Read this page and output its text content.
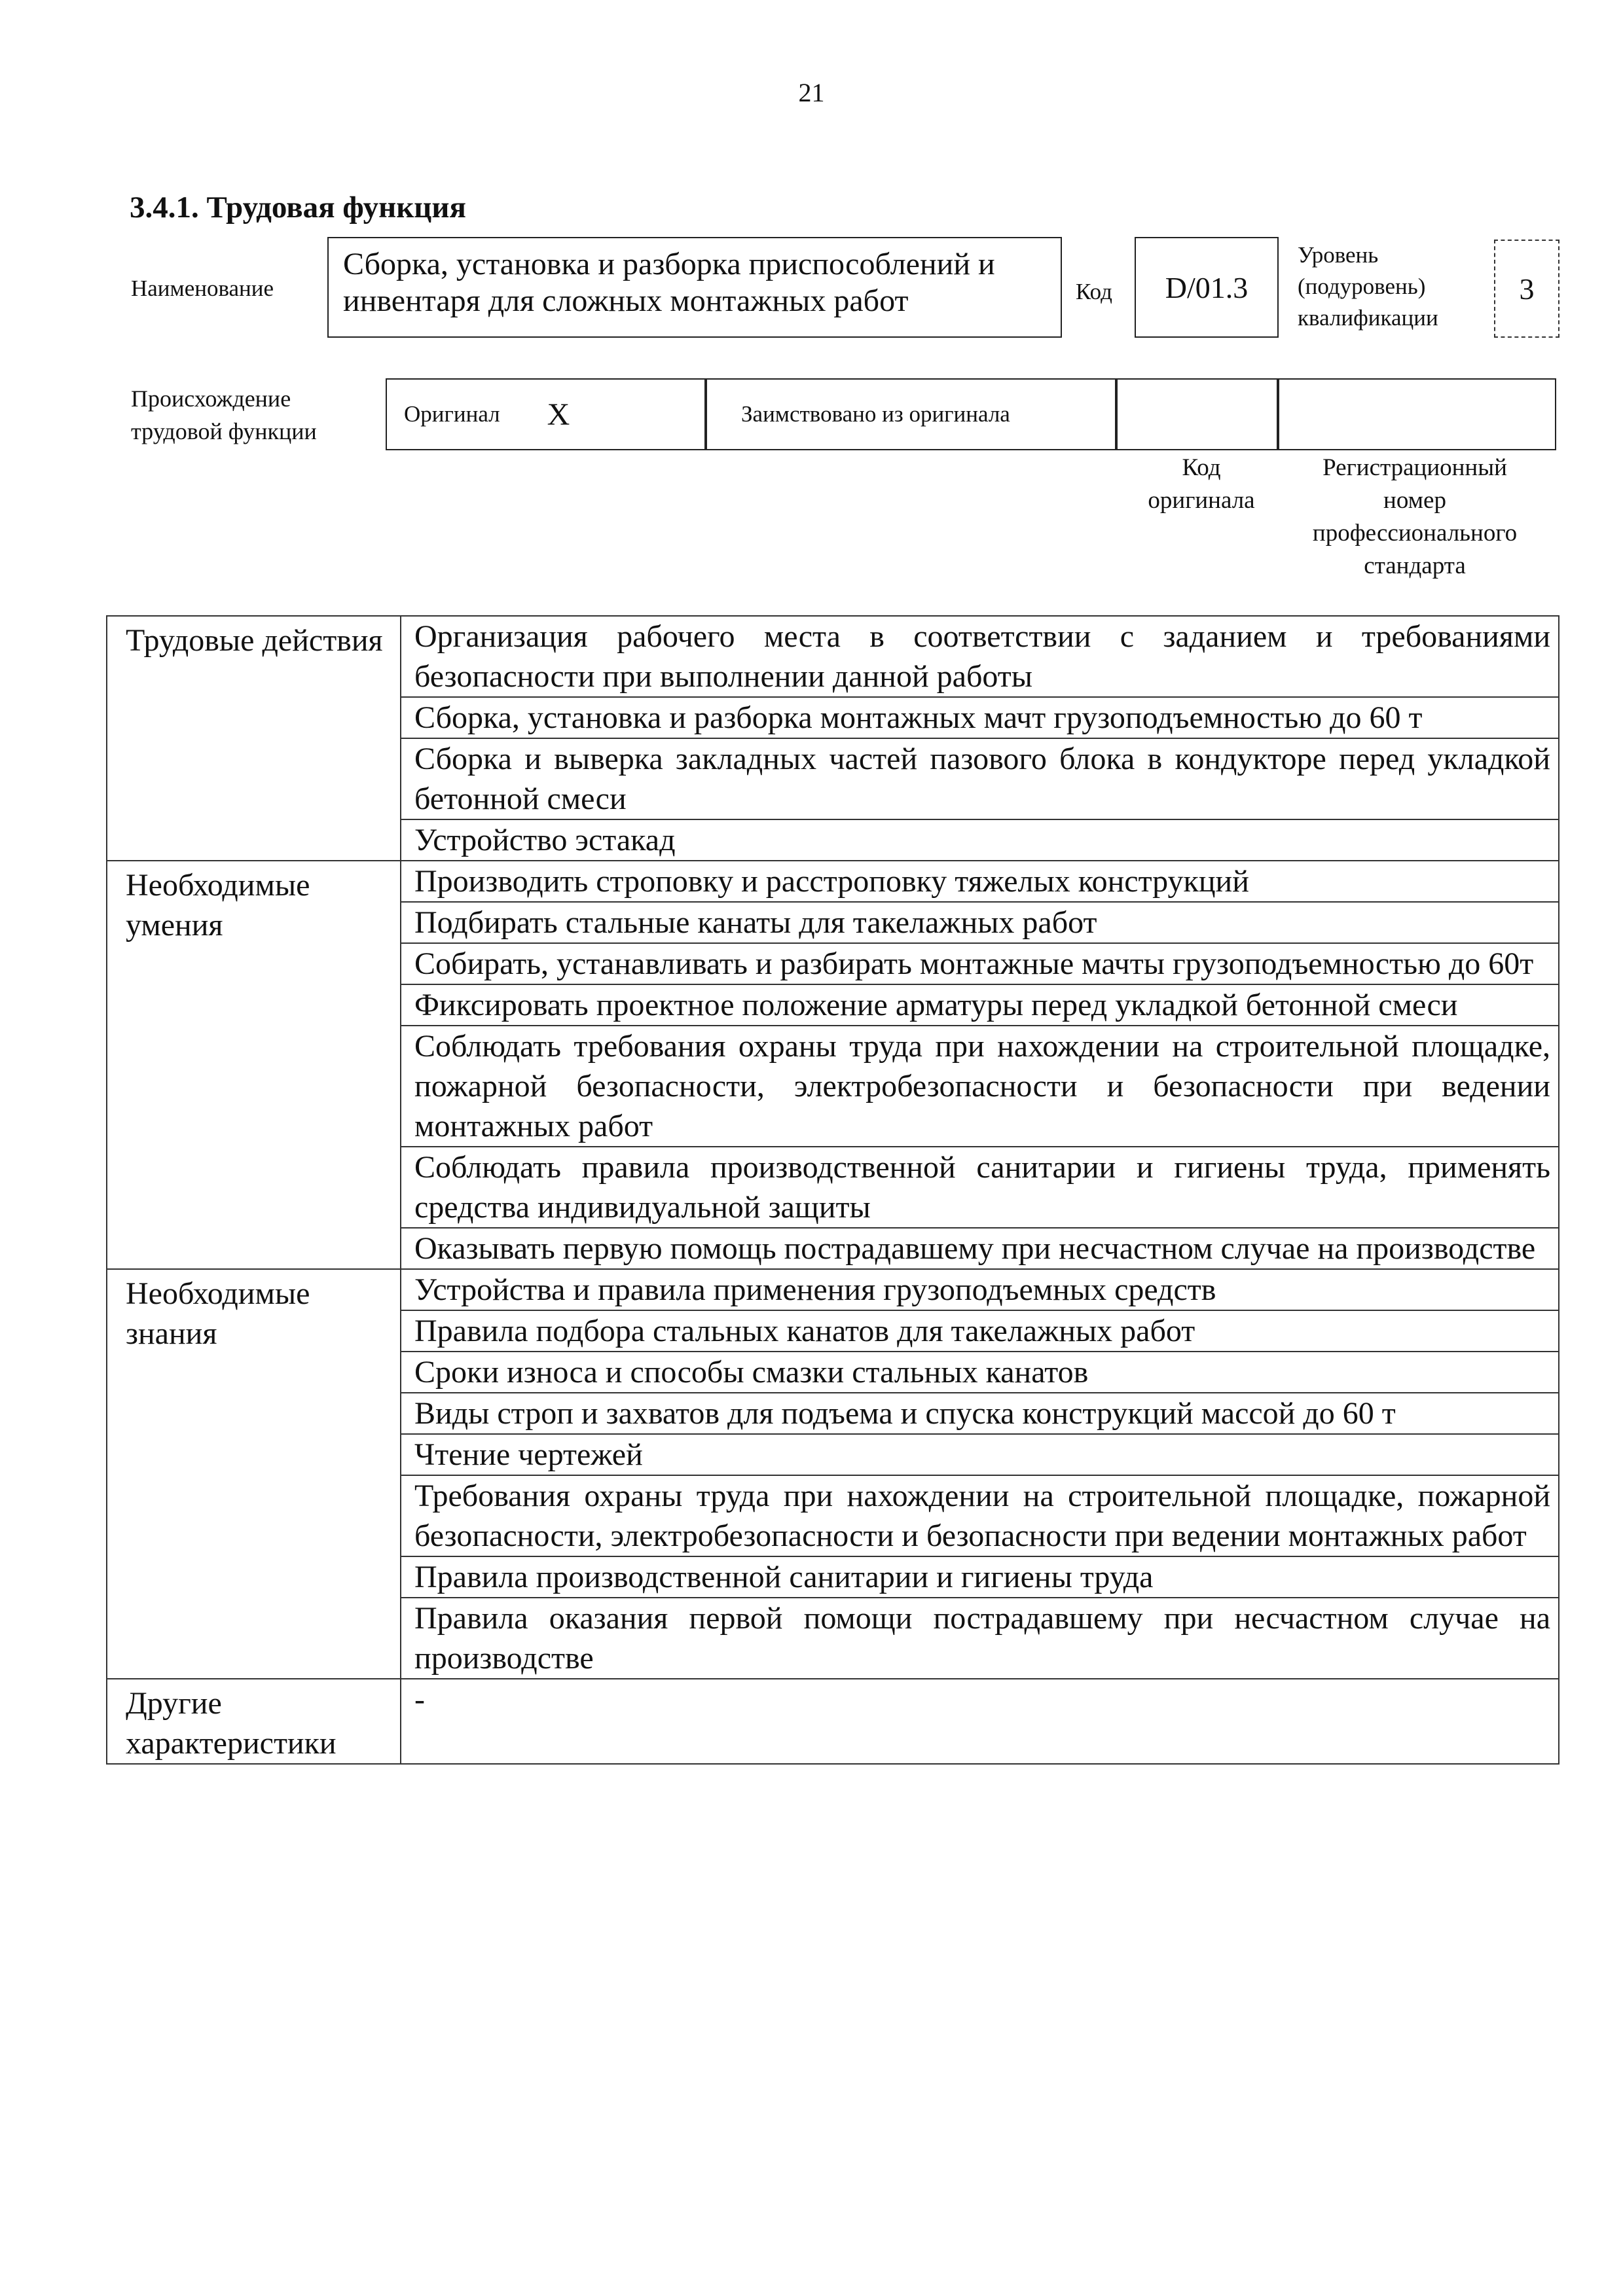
21
3.4.1. Трудовая функция
Наименование
Сборка, установка и разборка приспособлений и инвентаря для сложных монтажных работ	Код D/01.3
Уровень
(подуровень)
квалификации
3
Происхождение
трудовой функции
Оригинал X	Заимствовано из оригинала
Код
оригинала
Регистрационный
номер
профессионального
стандарта
Трудовые действия	Организация рабочего места в соответствии с заданием и требованиями безопасности при выполнении данной работы
	Сборка, установка и разборка монтажных мачт грузоподъемностью до 60 т
	Сборка и выверка закладных частей пазового блока в кондукторе перед укладкой бетонной смеси
	Устройство эстакад
Необходимые умения	Производить строповку и расстроповку тяжелых конструкций
	Подбирать стальные канаты для такелажных работ
	Собирать, устанавливать и разбирать монтажные мачты грузоподъемностью до 60т
	Фиксировать проектное положение арматуры перед укладкой бетонной смеси
	Соблюдать требования охраны труда при нахождении на строительной площадке, пожарной безопасности, электробезопасности и безопасности при ведении монтажных работ
	Соблюдать правила производственной санитарии и гигиены труда, применять средства индивидуальной защиты
	Оказывать первую помощь пострадавшему при несчастном случае на производстве
Необходимые знания	Устройства и правила применения грузоподъемных средств
	Правила подбора стальных канатов для такелажных работ
	Сроки износа и способы смазки стальных канатов
	Виды строп и захватов для подъема и спуска конструкций массой до 60 т
	Чтение чертежей
	Требования охраны труда при нахождении на строительной площадке, пожарной безопасности, электробезопасности и безопасности при ведении монтажных работ
	Правила производственной санитарии и гигиены труда
	Правила оказания первой помощи пострадавшему при несчастном случае на производстве
Другие характеристики	-
